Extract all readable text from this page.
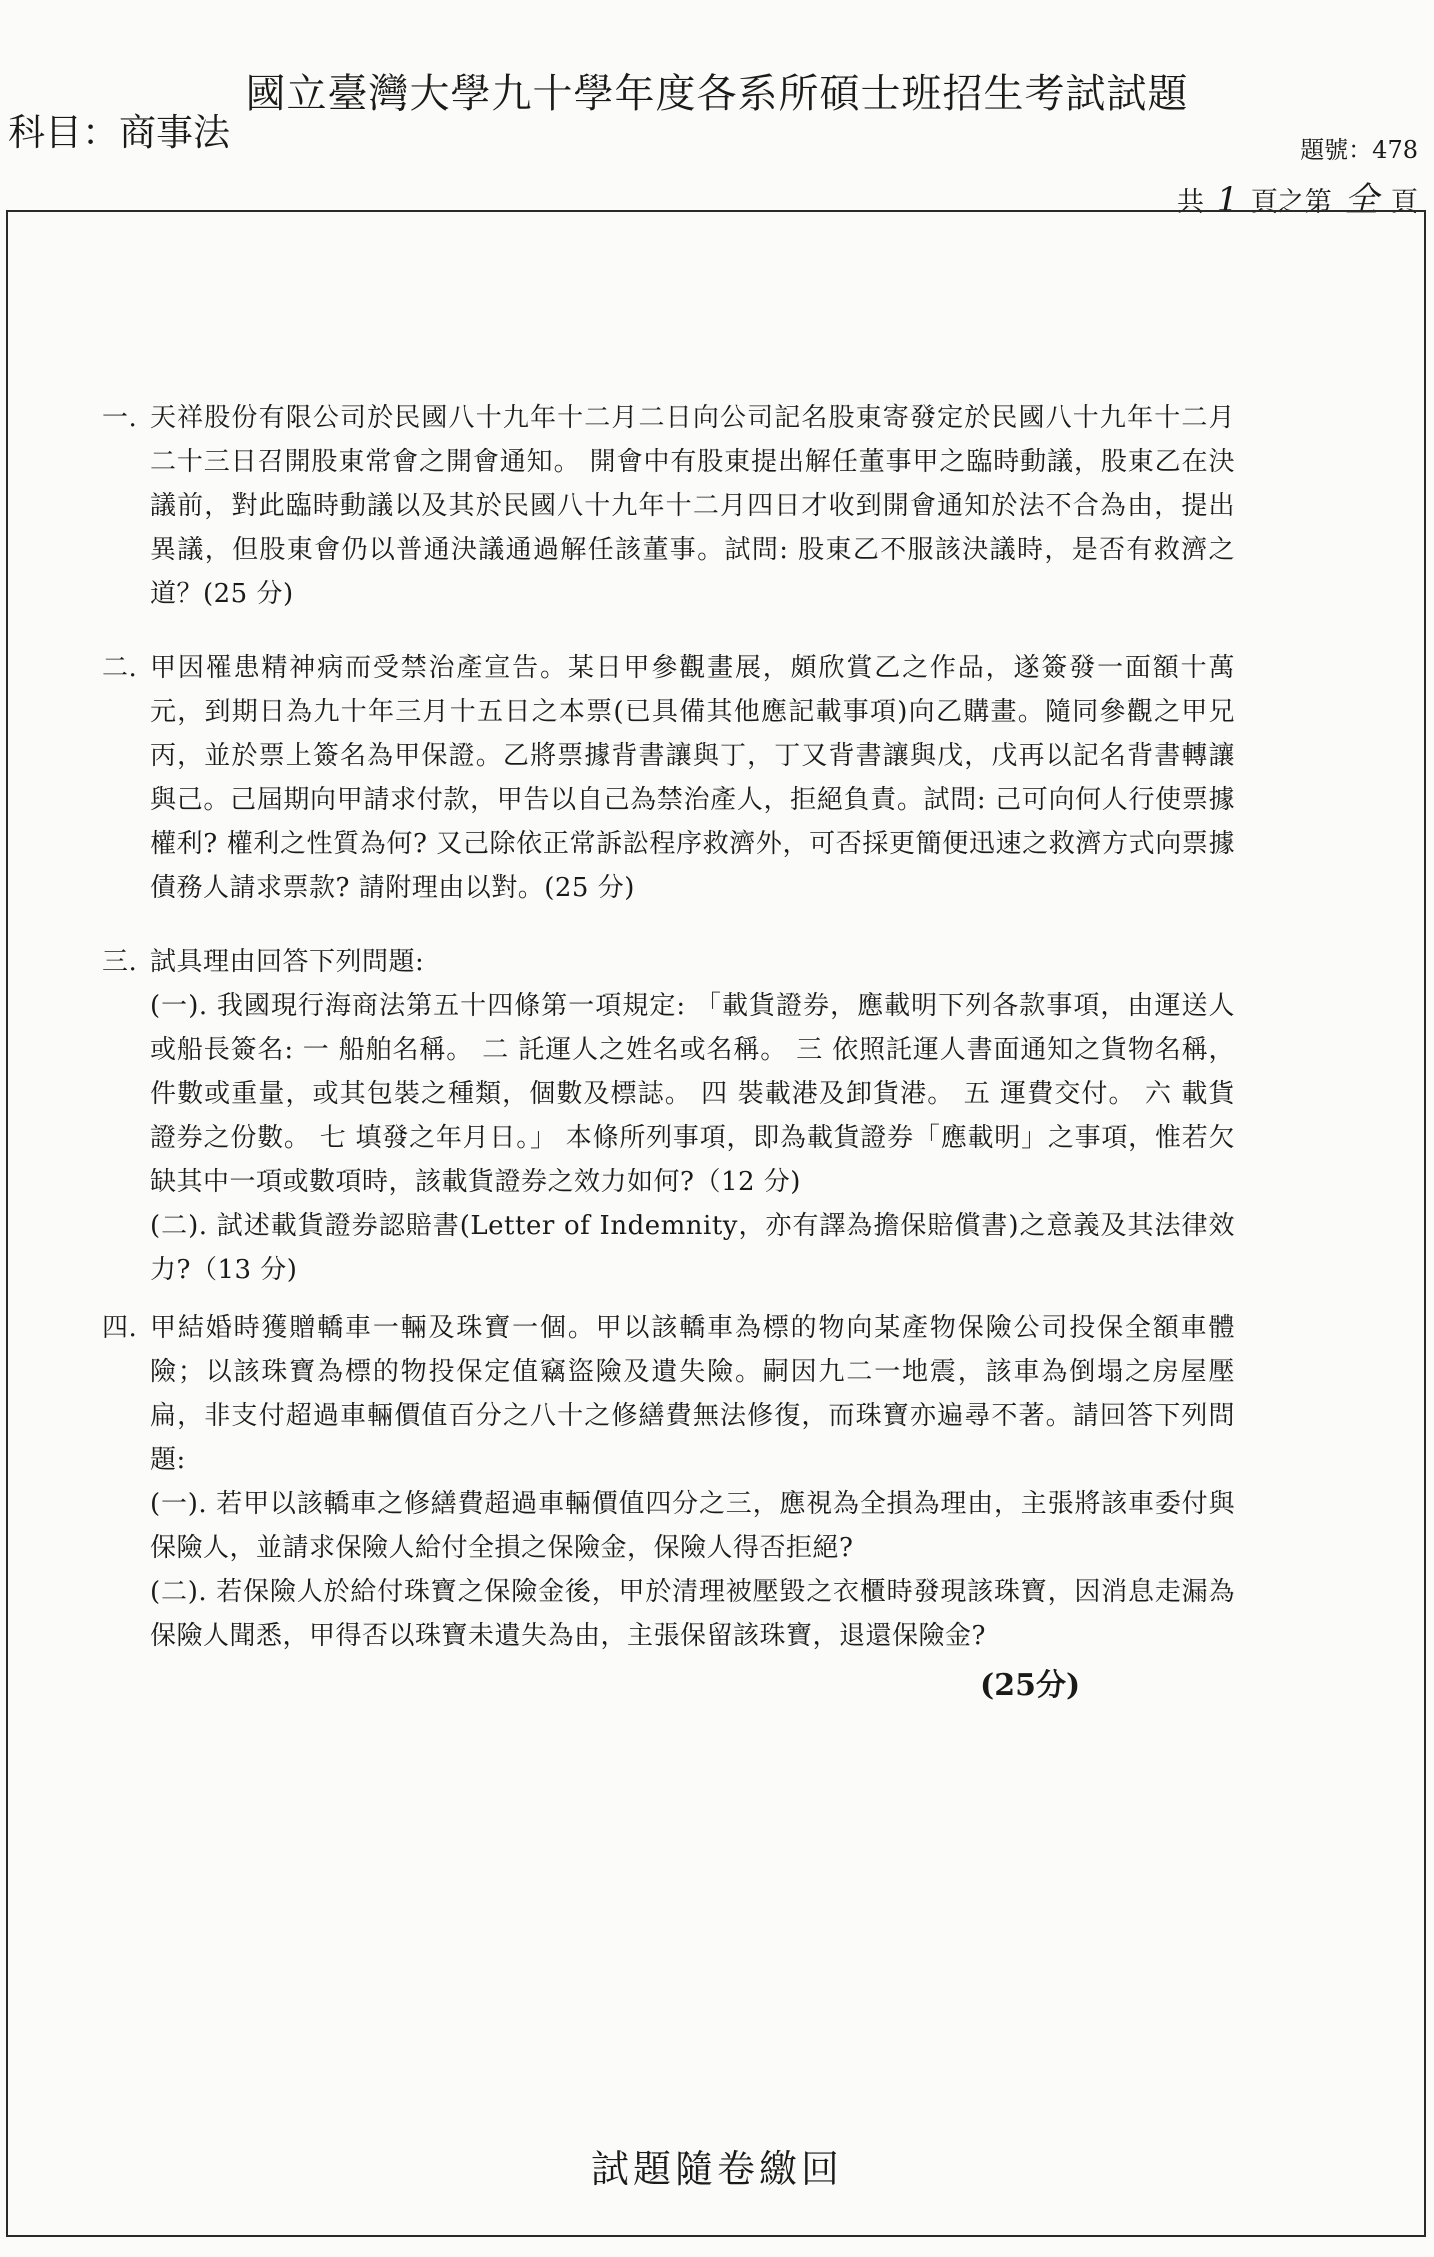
國立臺灣大學九十學年度各系所碩士班招生考試試題
科目：商事法	題號：478
共 1 頁之第 全 頁
一. 天祥股份有限公司於民國八十九年十二月二日向公司記名股東寄發定於民國八十九年十二月二十三日召開股東常會之開會通知。 開會中有股東提出解任董事甲之臨時動議，股東乙在決議前，對此臨時動議以及其於民國八十九年十二月四日才收到開會通知於法不合為由，提出異議，但股東會仍以普通決議通過解任該董事。試問: 股東乙不服該決議時，是否有救濟之道？(25 分)

二. 甲因罹患精神病而受禁治產宣告。某日甲參觀畫展，頗欣賞乙之作品，遂簽發一面額十萬元，到期日為九十年三月十五日之本票(已具備其他應記載事項)向乙購畫。隨同參觀之甲兄丙，並於票上簽名為甲保證。乙將票據背書讓與丁，丁又背書讓與戊，戊再以記名背書轉讓與己。己屆期向甲請求付款，甲告以自己為禁治產人，拒絕負責。試問: 己可向何人行使票據權利? 權利之性質為何? 又己除依正常訴訟程序救濟外，可否採更簡便迅速之救濟方式向票據債務人請求票款? 請附理由以對。(25 分)

三. 試具理由回答下列問題:

(一). 我國現行海商法第五十四條第一項規定: 「載貨證券，應載明下列各款事項，由運送人或船長簽名: 一 船舶名稱。 二 託運人之姓名或名稱。 三 依照託運人書面通知之貨物名稱，件數或重量，或其包裝之種類，個數及標誌。 四 裝載港及卸貨港。 五 運費交付。 六 載貨證券之份數。 七 填發之年月日。」 本條所列事項，即為載貨證券「應載明」之事項，惟若欠缺其中一項或數項時，該載貨證券之效力如何?（12 分)

(二). 試述載貨證券認賠書(Letter of Indemnity，亦有譯為擔保賠償書)之意義及其法律效力?（13 分)

四. 甲結婚時獲贈轎車一輛及珠寶一個。甲以該轎車為標的物向某產物保險公司投保全額車體險；以該珠寶為標的物投保定值竊盜險及遺失險。嗣因九二一地震，該車為倒塌之房屋壓扁，非支付超過車輛價值百分之八十之修繕費無法修復，而珠寶亦遍尋不著。請回答下列問題:

(一). 若甲以該轎車之修繕費超過車輛價值四分之三，應視為全損為理由，主張將該車委付與保險人，並請求保險人給付全損之保險金，保險人得否拒絕?

(二). 若保險人於給付珠寶之保險金後，甲於清理被壓毀之衣櫃時發現該珠寶，因消息走漏為保險人聞悉，甲得否以珠寶未遺失為由，主張保留該珠寶，退還保險金?

(25分)
試題隨卷繳回
